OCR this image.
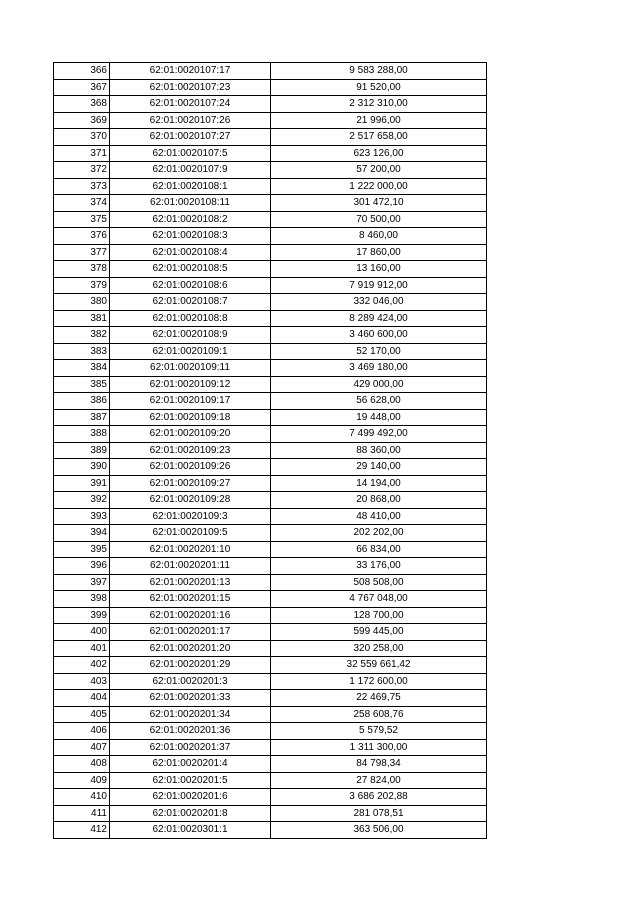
366	62:01:0020107:17	9 583 288,00
367	62:01:0020107:23	91 520,00
368	62:01:0020107:24	2 312 310,00
369	62:01:0020107:26	21 996,00
370	62:01:0020107:27	2 517 658,00
371	62:01:0020107:5	623 126,00
372	62:01:0020107:9	57 200,00
373	62:01:0020108:1	1 222 000,00
374	62:01:0020108:11	301 472,10
375	62:01:0020108:2	70 500,00
376	62:01:0020108:3	8 460,00
377	62:01:0020108:4	17 860,00
378	62:01:0020108:5	13 160,00
379	62:01:0020108:6	7 919 912,00
380	62:01:0020108:7	332 046,00
381	62:01:0020108:8	8 289 424,00
382	62:01:0020108:9	3 460 600,00
383	62:01:0020109:1	52 170,00
384	62:01:0020109:11	3 469 180,00
385	62:01:0020109:12	429 000,00
386	62:01:0020109:17	56 628,00
387	62:01:0020109:18	19 448,00
388	62:01:0020109:20	7 499 492,00
389	62:01:0020109:23	88 360,00
390	62:01:0020109:26	29 140,00
391	62:01:0020109:27	14 194,00
392	62:01:0020109:28	20 868,00
393	62:01:0020109:3	48 410,00
394	62:01:0020109:5	202 202,00
395	62:01:0020201:10	66 834,00
396	62:01:0020201:11	33 176,00
397	62:01:0020201:13	508 508,00
398	62:01:0020201:15	4 767 048,00
399	62:01:0020201:16	128 700,00
400	62:01:0020201:17	599 445,00
401	62:01:0020201:20	320 258,00
402	62:01:0020201:29	32 559 661,42
403	62:01:0020201:3	1 172 600,00
404	62:01:0020201:33	22 469,75
405	62:01:0020201:34	258 608,76
406	62:01:0020201:36	5 579,52
407	62:01:0020201:37	1 311 300,00
408	62:01:0020201:4	84 798,34
409	62:01:0020201:5	27 824,00
410	62:01:0020201:6	3 686 202,88
411	62:01:0020201:8	281 078,51
412	62:01:0020301:1	363 506,00
